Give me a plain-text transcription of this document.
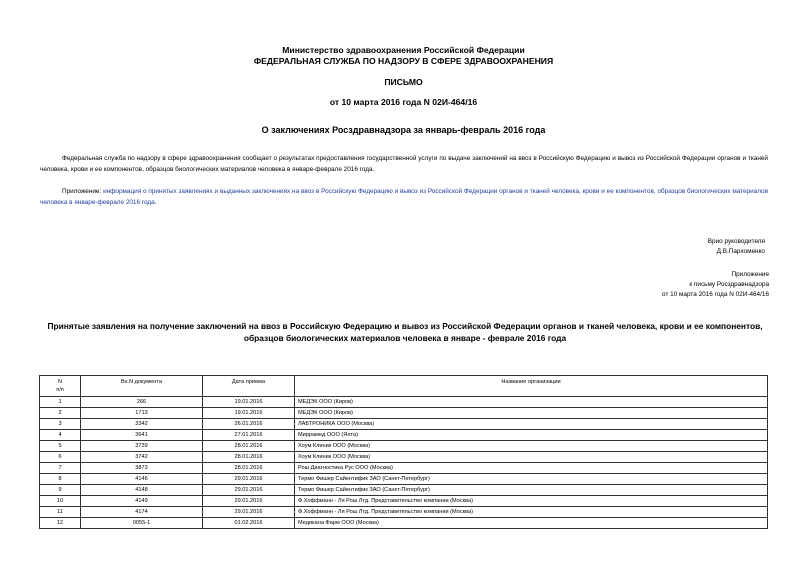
Министерство здравоохранения Российской Федерации
ФЕДЕРАЛЬНАЯ СЛУЖБА ПО НАДЗОРУ В СФЕРЕ ЗДРАВООХРАНЕНИЯ
ПИСЬМО
от 10 марта 2016 года N 02И-464/16
О заключениях Росздравнадзора за январь-февраль 2016 года
Федеральная служба по надзору в сфере здравоохранения сообщает о результатах предоставления государственной услуги по выдаче заключений на ввоз в Российскую Федерацию и вывоз из Российской Федерации органов и тканей человека, крови и ее компонентов, образцов биологических материалов человека в январе-феврале 2016 года.
Приложение: информация о принятых заявлениях и выданных заключениях на ввоз в Российскую Федерацию и вывоз из Российской Федерации органов и тканей человека, крови и ее компонентов, образцов биологических материалов человека в январе-феврале 2016 года.
Врио руководителя
Д.В.Пархоменко
Приложение
к письму Росздравнадзора
от 10 марта 2016 года N 02И-464/16
Принятые заявления на получение заключений на ввоз в Российскую Федерацию и вывоз из Российской Федерации органов и тканей человека, крови и ее компонентов, образцов биологических материалов человека в январе - феврале 2016 года
N
п/п	Вх.N документа	Дата приема	Название организации
1	266	19.01.2016	МЕДЭК ООО (Киров)
2	1713	19.01.2016	МЕДЭК ООО (Киров)
3	3342	26.01.2016	ЛАБТРОНИКА ООО (Москва)
4	3641	27.01.2016	Миррамед ООО (Ялта)
5	3739	28.01.2016	Хоум Клиник ООО (Москва)
6	3742	28.01.2016	Хоум Клиник ООО (Москва)
7	3873	28.01.2016	Рош Диагностика Рус ООО (Москва)
8	4146	29.01.2016	Термо Фишер Сайентифик ЗАО (Санкт-Петербург)
9	4148	29.01.2016	Термо Фишер Сайентифик ЗАО (Санкт-Петербург)
10	4149	29.01.2016	Ф.Хоффманн - Ля Рош Лтд. Представительство компании (Москва)
11	4174	29.01.2016	Ф.Хоффманн - Ля Рош Лтд. Представительство компании (Москва)
12	0055-1	01.02.2016	Медикана Фарм ООО (Москва)
